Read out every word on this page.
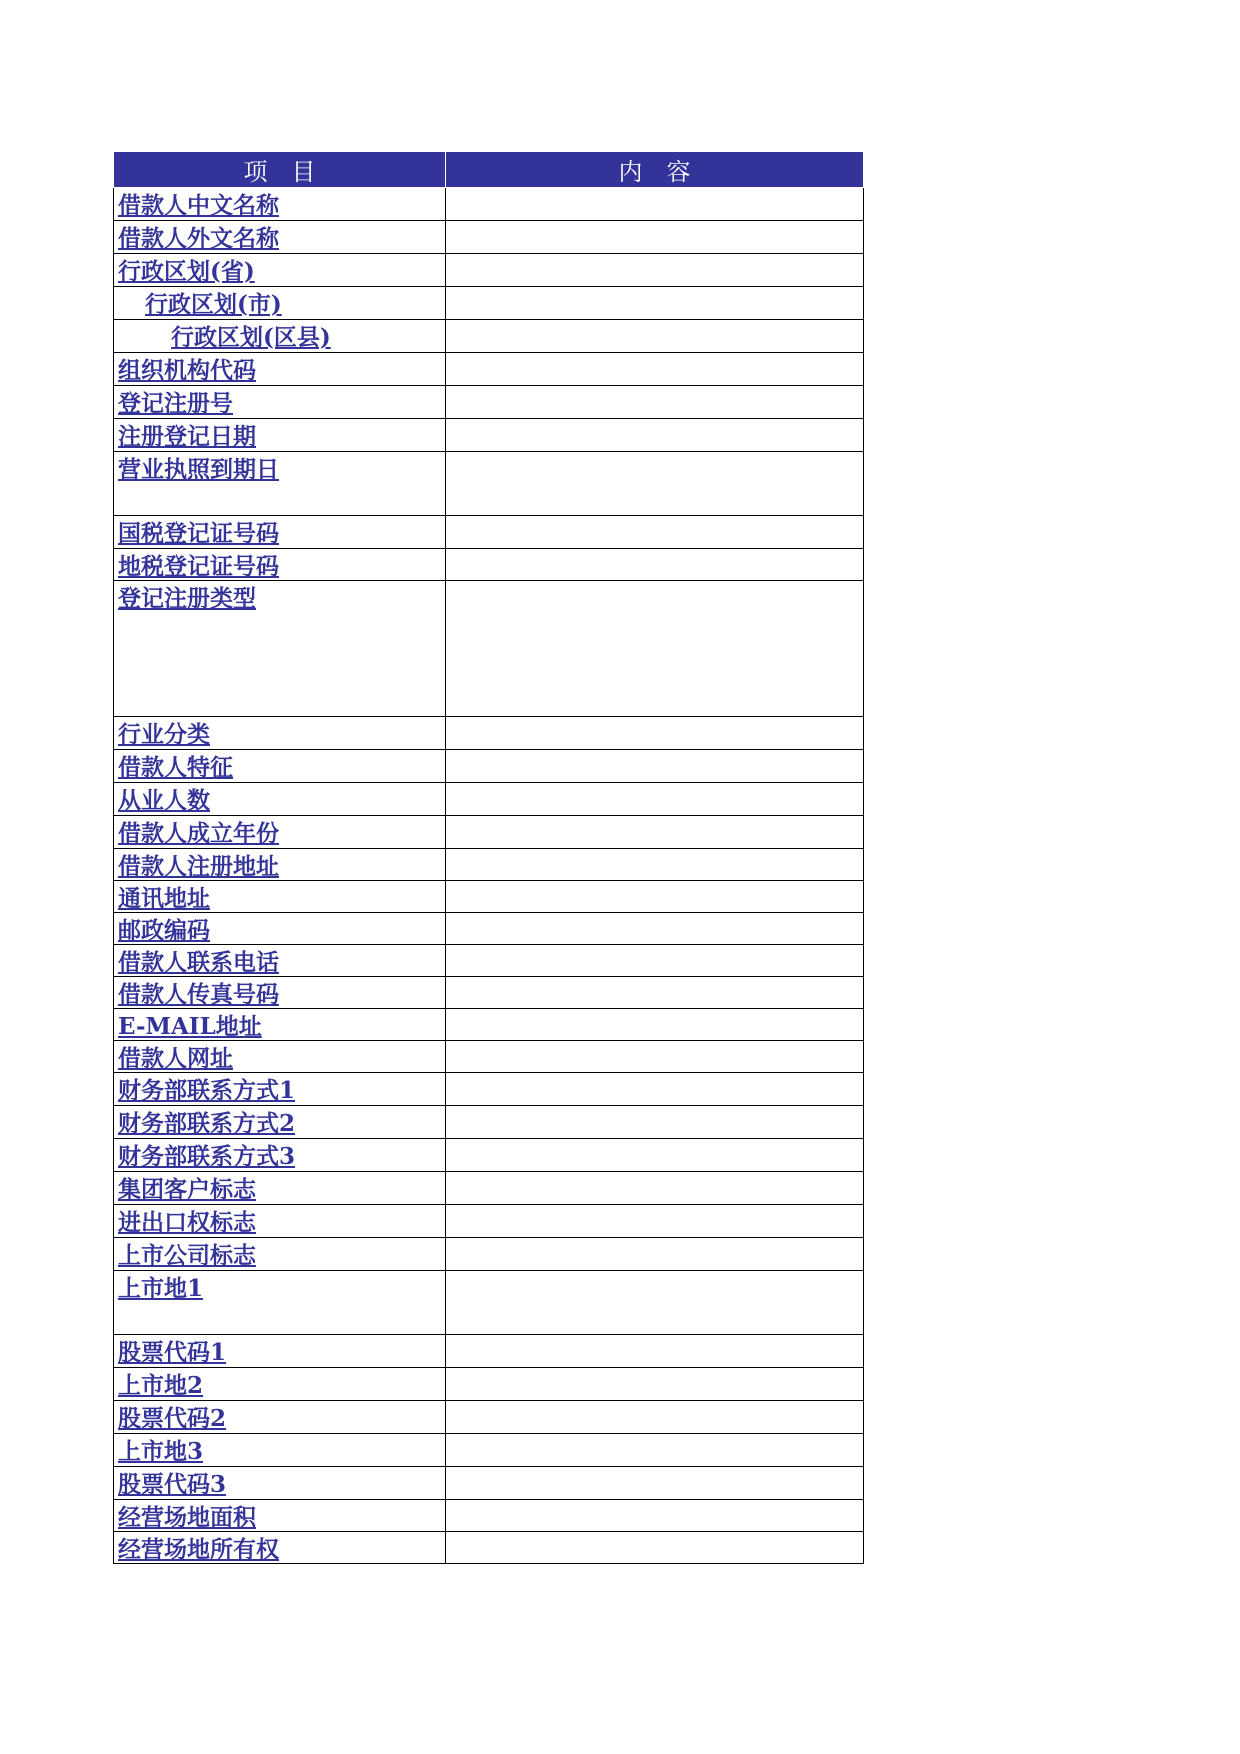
项　目	内　容
借款人中文名称	
借款人外文名称	
行政区划(省)	
行政区划(市)	
行政区划(区县)	
组织机构代码	
登记注册号	
注册登记日期	
营业执照到期日	
国税登记证号码	
地税登记证号码	
登记注册类型	
行业分类	
借款人特征	
从业人数	
借款人成立年份	
借款人注册地址	
通讯地址	
邮政编码	
借款人联系电话	
借款人传真号码	
E-MAIL地址	
借款人网址	
财务部联系方式1	
财务部联系方式2	
财务部联系方式3	
集团客户标志	
进出口权标志	
上市公司标志	
上市地1	
股票代码1	
上市地2	
股票代码2	
上市地3	
股票代码3	
经营场地面积	
经营场地所有权	
